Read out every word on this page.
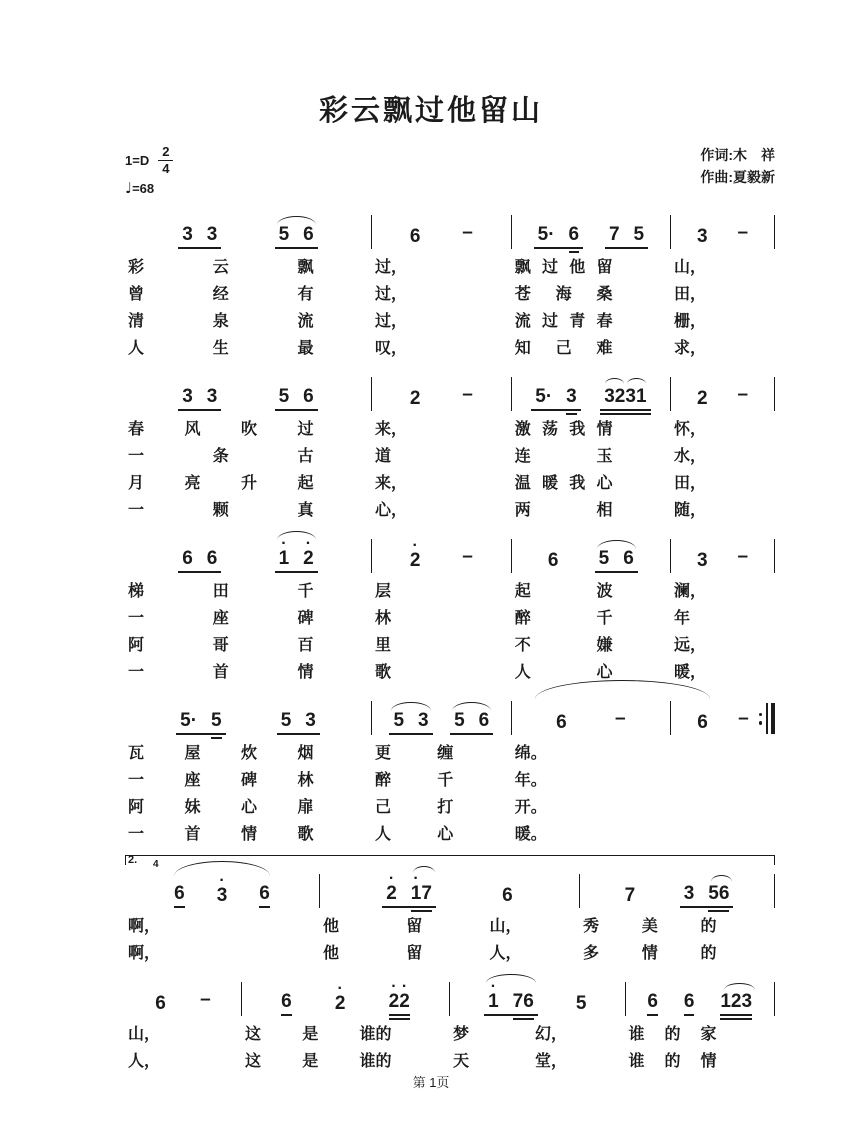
彩云飘过他留山
$1=D \frac{2}{4}$
♩=68
作词:木　祥
作曲:夏毅新
3 3	5 6	6 –	5 · 6 7 5	3 –
彩	云	飘	过，	飘 过 他 留	山，
曾	经	有	过，	苍 海 桑	田，
清	泉	流	过，	流 过 青 春	栅，
人	生	最	叹，	知 己 难	求，
3 3	5 6	2 –	5 · 3 3 2 3 1	2 –
春	风	吹	过	来，	激 荡 我 情	怀，
一	条	古	道	连	玉	水，
月	亮	升	起	来，	温 暖 我 心	田，
一	颗	真	心，	两	相	随，
6 6
·
1
·
2
·
2 –	6 5 6	3 –
梯	田	千	层	起	波	澜，
一	座	碑	林	醉	千	年
阿	哥	百	里	不	嫌	远，
一	首	情	歌	人	心	暖，
5 · 5	5 3	5 3 5 6	6	–	6 –
瓦	屋	炊	烟	更	缠	绵。
一	座	碑	林	醉	千	年。
阿	妹	心	扉	己	打	开。
一	首	情	歌	人	心	暖。
2. 4
6
·
3 6
·
2
·
1
7	6	7	3 5 6
啊，	他	留	山，	秀	美	的
啊，	他	留	人，	多	情	的
6 –	6
·
2
·
2
·
2
·
1 7 6 5	6 6 1 2 3
山，	这	是	谁的	梦	幻，	谁 的 家
人，	这	是	谁的	天	堂，	谁 的 情
第 1页
